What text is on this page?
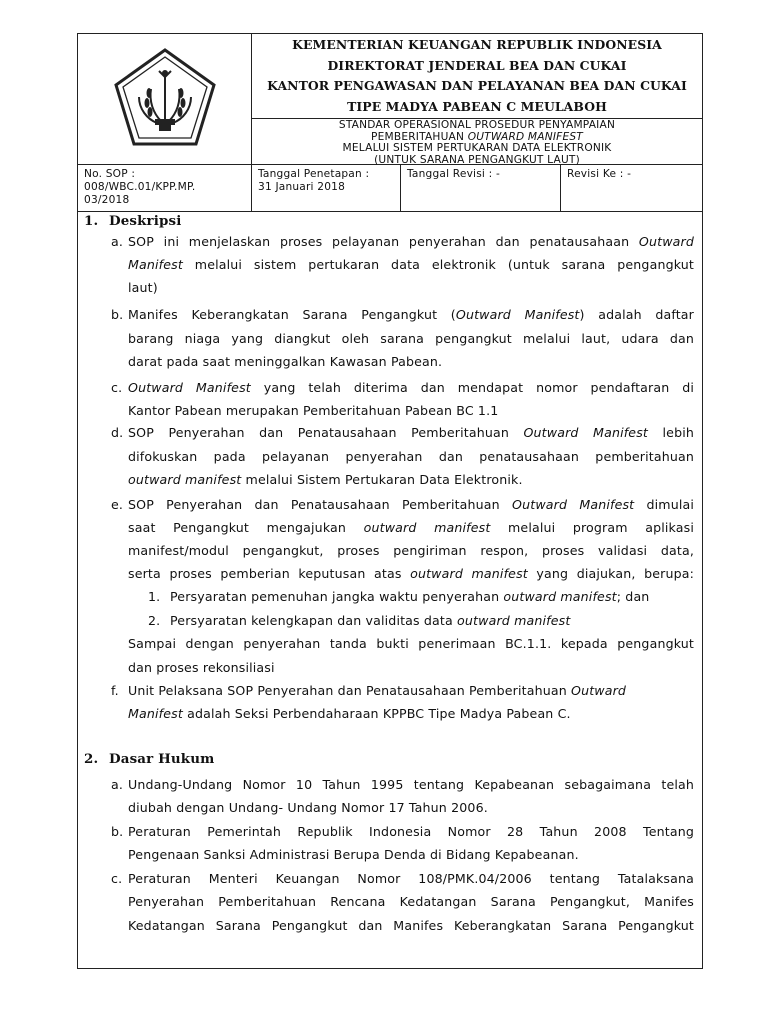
KEMENTERIAN KEUANGAN REPUBLIK INDONESIA
DIREKTORAT JENDERAL BEA DAN CUKAI
KANTOR PENGAWASAN DAN PELAYANAN BEA DAN CUKAI
TIPE MADYA PABEAN C MEULABOH
STANDAR OPERASIONAL PROSEDUR PENYAMPAIAN
PEMBERITAHUAN OUTWARD MANIFEST
MELALUI SISTEM PERTUKARAN DATA ELEKTRONIK
(UNTUK SARANA PENGANGKUT LAUT)
No. SOP :
008/WBC.01/KPP.MP.
03/2018
Tanggal Penetapan :
31 Januari 2018
Tanggal Revisi : -	Revisi Ke : -
1. Deskripsi
a. SOP ini menjelaskan proses pelayanan penyerahan dan penatausahaan Outward
Manifest melalui sistem pertukaran data elektronik (untuk sarana pengangkut
laut)
b. Manifes Keberangkatan Sarana Pengangkut (Outward Manifest) adalah daftar
barang niaga yang diangkut oleh sarana pengangkut melalui laut, udara dan
darat pada saat meninggalkan Kawasan Pabean.
c. Outward Manifest yang telah diterima dan mendapat nomor pendaftaran di
Kantor Pabean merupakan Pemberitahuan Pabean BC 1.1
d. SOP Penyerahan dan Penatausahaan Pemberitahuan Outward Manifest lebih
difokuskan pada pelayanan penyerahan dan penatausahaan pemberitahuan
outward manifest melalui Sistem Pertukaran Data Elektronik.
e. SOP Penyerahan dan Penatausahaan Pemberitahuan Outward Manifest dimulai
saat Pengangkut mengajukan outward manifest melalui program aplikasi
manifest/modul pengangkut, proses pengiriman respon, proses validasi data,
serta proses pemberian keputusan atas outward manifest yang diajukan, berupa:
1. Persyaratan pemenuhan jangka waktu penyerahan outward manifest; dan
2. Persyaratan kelengkapan dan validitas data outward manifest
Sampai dengan penyerahan tanda bukti penerimaan BC.1.1. kepada pengangkut
dan proses rekonsiliasi
f. Unit Pelaksana SOP Penyerahan dan Penatausahaan Pemberitahuan Outward
Manifest adalah Seksi Perbendaharaan KPPBC Tipe Madya Pabean C.
2. Dasar Hukum
a. Undang-Undang Nomor 10 Tahun 1995 tentang Kepabeanan sebagaimana telah
diubah dengan Undang- Undang Nomor 17 Tahun 2006.
b. Peraturan Pemerintah Republik Indonesia Nomor 28 Tahun 2008 Tentang
Pengenaan Sanksi Administrasi Berupa Denda di Bidang Kepabeanan.
c. Peraturan Menteri Keuangan Nomor 108/PMK.04/2006 tentang Tatalaksana
Penyerahan Pemberitahuan Rencana Kedatangan Sarana Pengangkut, Manifes
Kedatangan Sarana Pengangkut dan Manifes Keberangkatan Sarana Pengangkut
